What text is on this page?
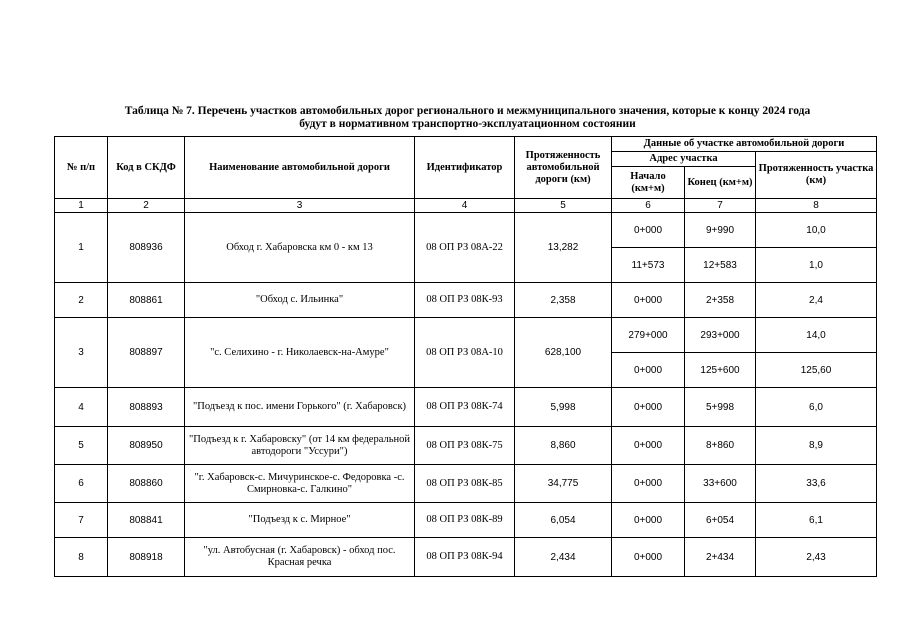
Таблица № 7. Перечень участков автомобильных дорог регионального и межмуниципального значения, которые к концу 2024 года
будут в нормативном транспортно-эксплуатационном состоянии
№ п/п	Код в СКДФ	Наименование автомобильной дороги	Идентификатор	Протяженность автомобильной дороги (км)	Данные об участке автомобильной дороги		
					Адрес участка		Протяженность участка (км)
					Начало (км+м)	Конец (км+м)	
1	2	3	4	5	6	7	8
1	808936	Обход г. Хабаровска км 0 - км 13	08 ОП РЗ 08А-22	13,282	0+000	9+990	10,0
					11+573	12+583	1,0
2	808861	"Обход с. Ильинка"	08 ОП РЗ 08К-93	2,358	0+000	2+358	2,4
3	808897	"с. Селихино - г. Николаевск-на-Амуре"	08 ОП РЗ 08А-10	628,100	279+000	293+000	14,0
					0+000	125+600	125,60
4	808893	"Подъезд к пос. имени Горького" (г. Хабаровск)	08 ОП РЗ 08К-74	5,998	0+000	5+998	6,0
5	808950	"Подъезд к г. Хабаровску" (от 14 км федеральной автодороги "Уссури")	08 ОП РЗ 08К-75	8,860	0+000	8+860	8,9
6	808860	"г. Хабаровск-с. Мичуринское-с. Федоровка -с. Смирновка-с. Галкино"	08 ОП РЗ 08К-85	34,775	0+000	33+600	33,6
7	808841	"Подъезд к с. Мирное"	08 ОП РЗ 08К-89	6,054	0+000	6+054	6,1
8	808918	"ул. Автобусная (г. Хабаровск) - обход пос. Красная речка	08 ОП РЗ 08К-94	2,434	0+000	2+434	2,43
